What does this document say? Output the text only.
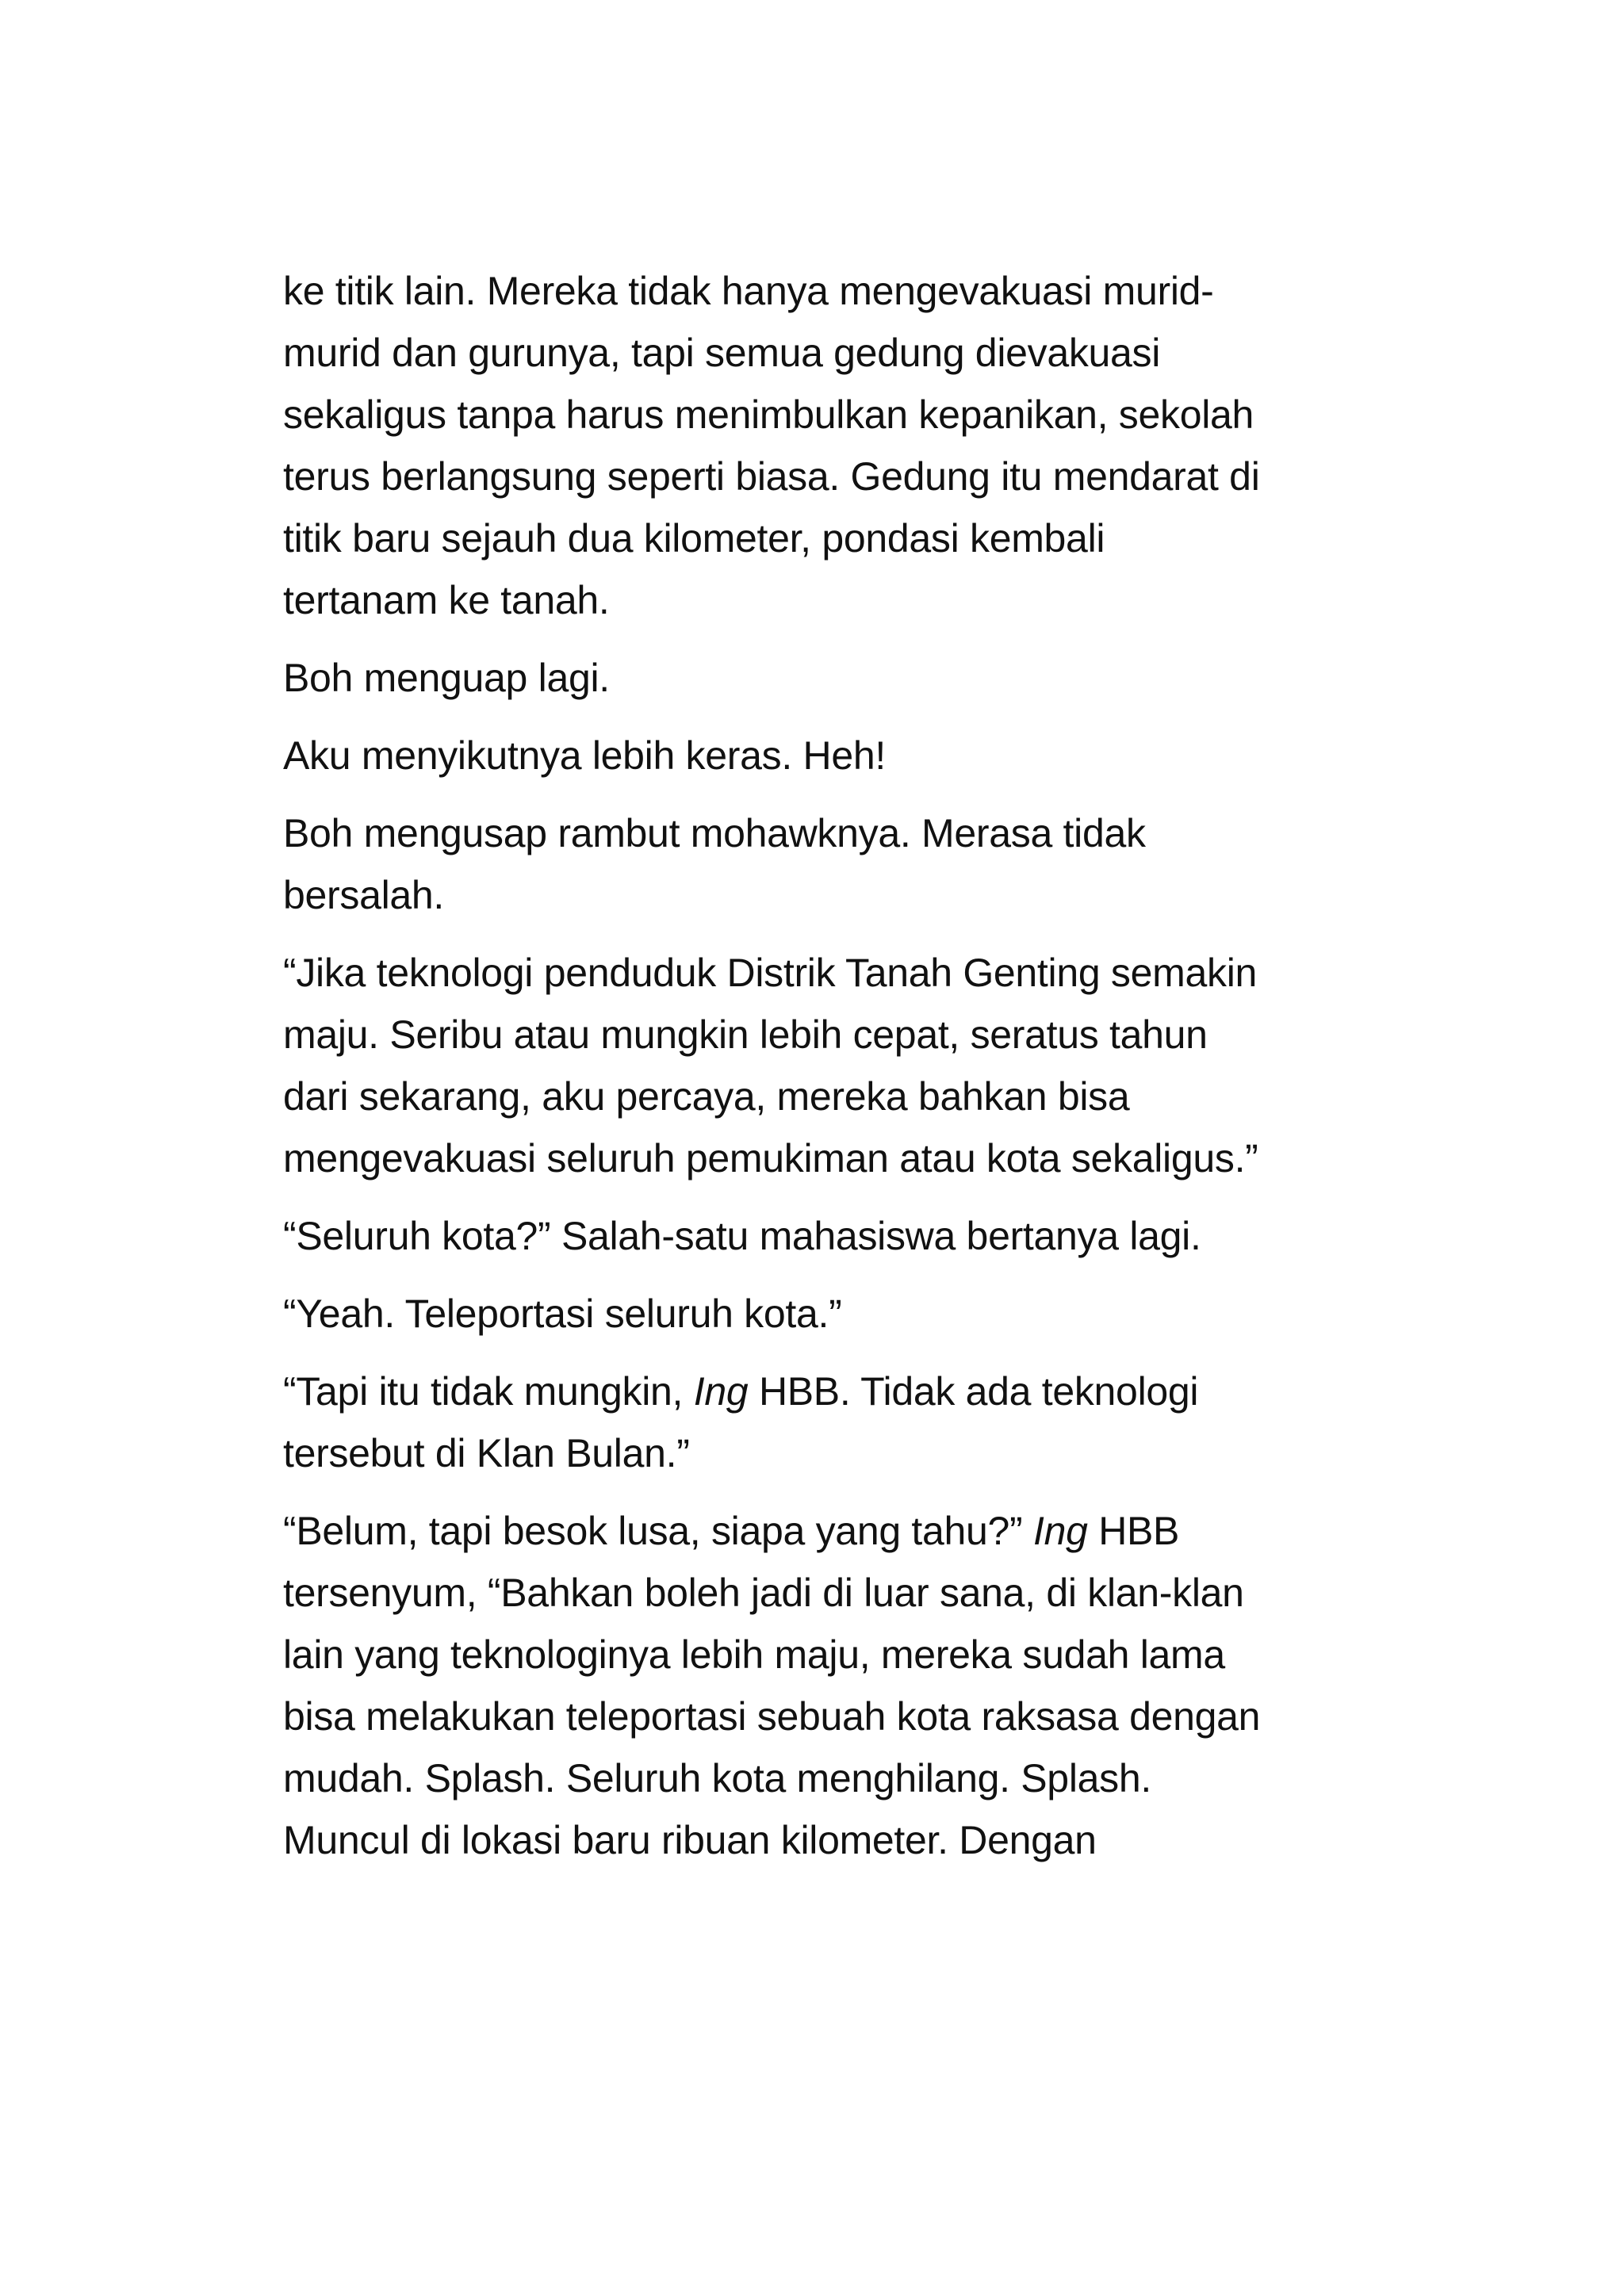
ke titik lain. Mereka tidak hanya mengevakuasi murid-
murid dan gurunya, tapi semua gedung dievakuasi
sekaligus tanpa harus menimbulkan kepanikan, sekolah
terus berlangsung seperti biasa. Gedung itu mendarat di
titik baru sejauh dua kilometer, pondasi kembali
tertanam ke tanah.

Boh menguap lagi.

Aku menyikutnya lebih keras. Heh!

Boh mengusap rambut mohawknya. Merasa tidak
bersalah.

“Jika teknologi penduduk Distrik Tanah Genting semakin
maju. Seribu atau mungkin lebih cepat, seratus tahun
dari sekarang, aku percaya, mereka bahkan bisa
mengevakuasi seluruh pemukiman atau kota sekaligus.”

“Seluruh kota?” Salah-satu mahasiswa bertanya lagi.

“Yeah. Teleportasi seluruh kota.”

“Tapi itu tidak mungkin, Ing HBB. Tidak ada teknologi
tersebut di Klan Bulan.”

“Belum, tapi besok lusa, siapa yang tahu?” Ing HBB
tersenyum, “Bahkan boleh jadi di luar sana, di klan-klan
lain yang teknologinya lebih maju, mereka sudah lama
bisa melakukan teleportasi sebuah kota raksasa dengan
mudah. Splash. Seluruh kota menghilang. Splash.
Muncul di lokasi baru ribuan kilometer. Dengan
